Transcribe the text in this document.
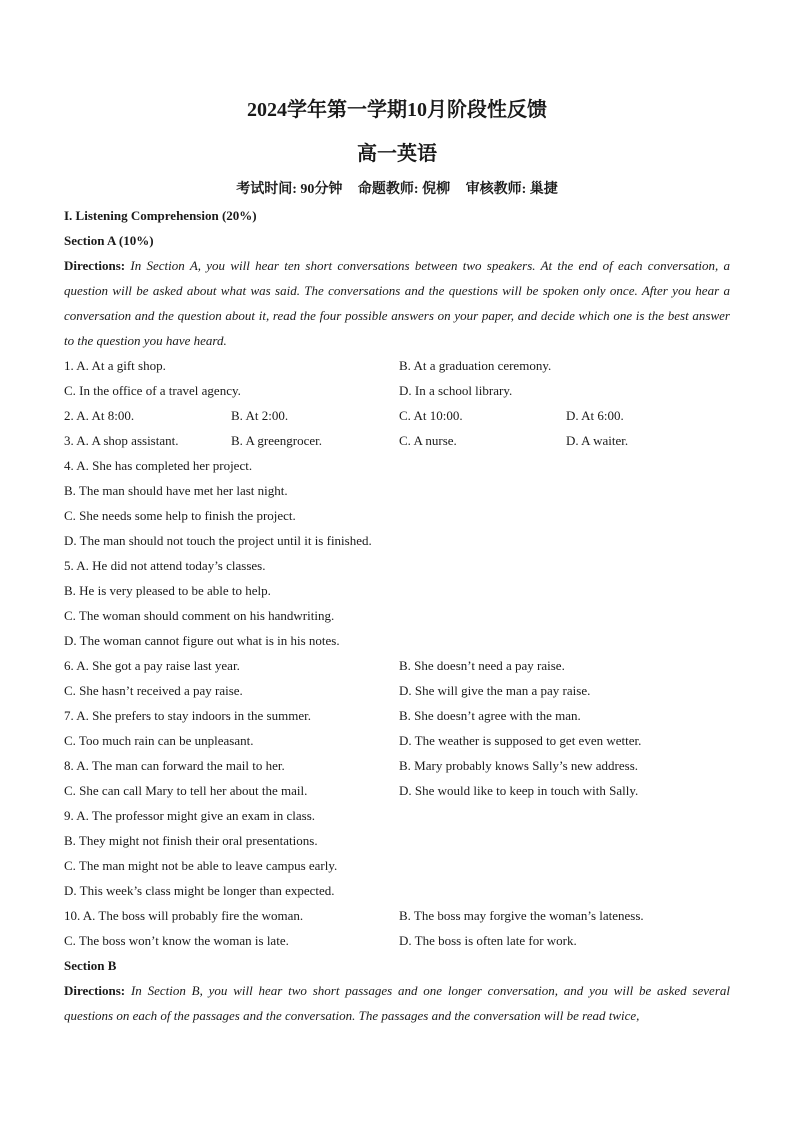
2024学年第一学期10月阶段性反馈
高一英语
考试时间: 90分钟 命题教师: 倪柳 审核教师: 巢捷
I. Listening Comprehension (20%)
Section A (10%)
Directions: In Section A, you will hear ten short conversations between two speakers. At the end of each conversation, a question will be asked about what was said. The conversations and the questions will be spoken only once. After you hear a conversation and the question about it, read the four possible answers on your paper, and decide which one is the best answer to the question you have heard.
1. A. At a gift shop.	B. At a graduation ceremony.
C. In the office of a travel agency.	D. In a school library.
2. A. At 8:00.	B. At 2:00.	C. At 10:00.	D. At 6:00.
3. A. A shop assistant.	B. A greengrocer.	C. A nurse.	D. A waiter.
4. A. She has completed her project.
B. The man should have met her last night.
C. She needs some help to finish the project.
D. The man should not touch the project until it is finished.
5. A. He did not attend today’s classes.
B. He is very pleased to be able to help.
C. The woman should comment on his handwriting.
D. The woman cannot figure out what is in his notes.
6. A. She got a pay raise last year.	B. She doesn’t need a pay raise.
C. She hasn’t received a pay raise.	D. She will give the man a pay raise.
7. A. She prefers to stay indoors in the summer.	B. She doesn’t agree with the man.
C. Too much rain can be unpleasant.	D. The weather is supposed to get even wetter.
8. A. The man can forward the mail to her.	B. Mary probably knows Sally’s new address.
C. She can call Mary to tell her about the mail.	D. She would like to keep in touch with Sally.
9. A. The professor might give an exam in class.
B. They might not finish their oral presentations.
C. The man might not be able to leave campus early.
D. This week’s class might be longer than expected.
10. A. The boss will probably fire the woman.	B. The boss may forgive the woman’s lateness.
C. The boss won’t know the woman is late.	D. The boss is often late for work.
Section B
Directions: In Section B, you will hear two short passages and one longer conversation, and you will be asked several questions on each of the passages and the conversation. The passages and the conversation will be read twice,
